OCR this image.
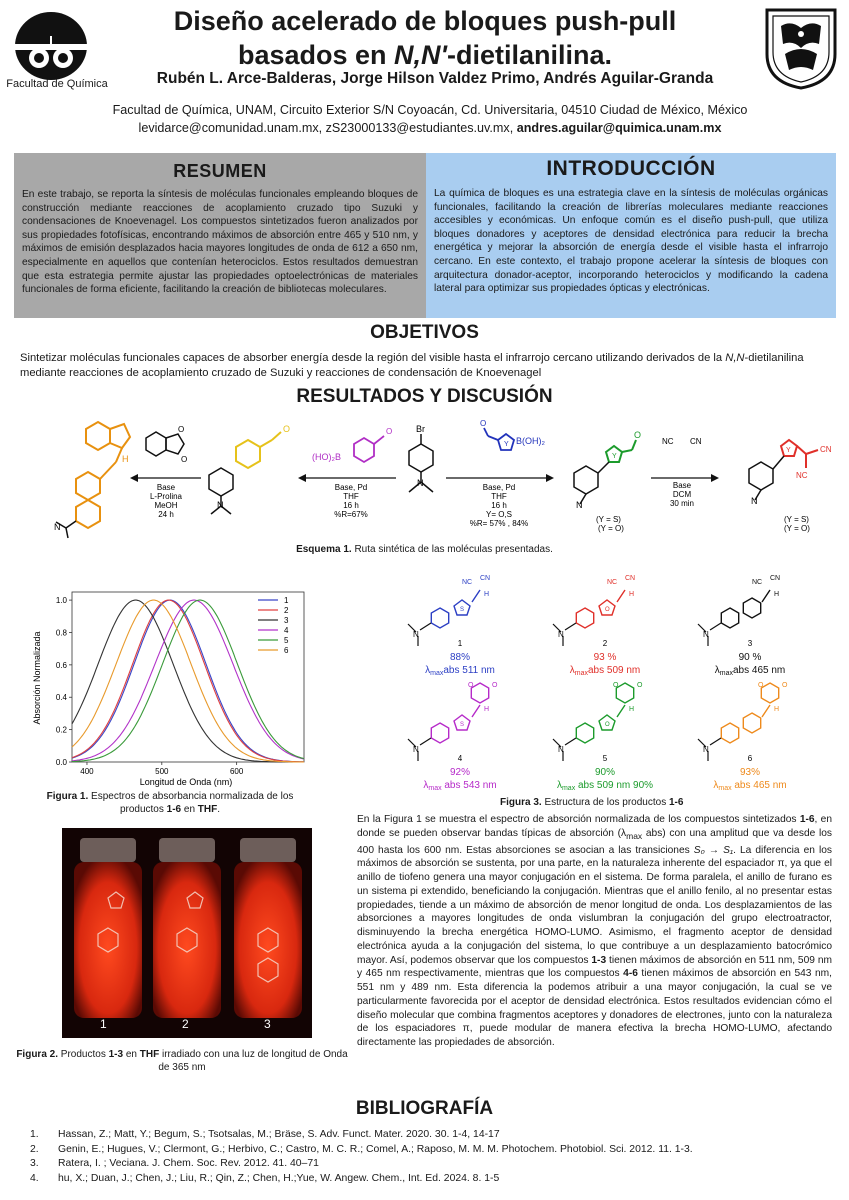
Facultad de Química
Diseño acelerado de bloques push-pull
basados en N,N'-dietilanilina.
Rubén L. Arce-Balderas, Jorge Hilson Valdez Primo, Andrés Aguilar-Granda
Facultad de Química, UNAM, Circuito Exterior S/N Coyoacán, Cd. Universitaria, 04510 Ciudad de México, México
levidarce@comunidad.unam.mx, zS23000133@estudiantes.uv.mx, andres.aguilar@quimica.unam.mx
RESUMEN
En este trabajo, se reporta la síntesis de moléculas funcionales empleando bloques de construcción mediante reacciones de acoplamiento cruzado tipo Suzuki y condensaciones de Knoevenagel. Los compuestos sintetizados fueron analizados por sus propiedades fotofísicas, encontrando máximos de absorción entre 465 y 510 nm, y máximos de emisión desplazados hacia mayores longitudes de onda de 612 a 650 nm, especialmente en aquellos que contenían heterociclos. Estos resultados demuestran que esta estrategia permite ajustar las propiedades optoelectrónicas de materiales funcionales de forma eficiente, facilitando la creación de bibliotecas moleculares.
INTRODUCCIÓN
La química de bloques es una estrategia clave en la síntesis de moléculas orgánicas funcionales, facilitando la creación de librerías moleculares mediante reacciones accesibles y económicas. Un enfoque común es el diseño push-pull, que utiliza bloques donadores y aceptores de densidad electrónica para reducir la brecha energética y mejorar la absorción de energía desde el visible hasta el infrarrojo cercano. En este contexto, el trabajo propone acelerar la síntesis de bloques con arquitectura donador-aceptor, incorporando heterociclos y modificando la cadena lateral para optimizar sus propiedades ópticas y electrónicas.
OBJETIVOS
Sintetizar moléculas funcionales capaces de absorber energía desde la región del visible hasta el infrarrojo cercano utilizando derivados de la N,N-dietilanilina mediante reacciones de acoplamiento cruzado de Suzuki y reacciones de condensación de Knoevenagel
RESULTADOS Y DISCUSIÓN
N
H
O
O
Base
L-Prolina
MeOH
24 h
N
O
(HO)₂B
O
Base, Pd
THF
16 h
%R=67%
Br
N
O
Y B(OH)₂
Base, Pd
THF
16 h
Y= O,S
%R= 57% , 84%
O
Y
N
(Y = S)
(Y = O)
NC CN
Base
DCM
30 min
CN
NC
Y
N
(Y = S)
(Y = O)
Esquema 1. Ruta sintética de las moléculas presentadas.
0.0
0.2
0.4
0.6
0.8
1.0
400	500	600
1
2
3
4
5
6
Longitud de Onda (nm)
Absorción Normalizada
Figura 1. Espectros de absorbancia normalizada de los productos 1-6 en THF.
1	2	3
Figura 2. Productos 1-3 en THF irradiado con una luz de longitud de Onda de 365 nm
N
S
NC
CN
H
1
88%
$\lambda_{max}abs$ 511 nm
N
O
NC
CN
H
2
93 %
$\lambda_{max}abs$ 509 nm
N
NC
CN
H
3
90 %
$\lambda_{max}abs$ 465 nm
N
S
O
O
H
4
92%
$\lambda_{max}$ abs 543 nm
N
O
O
O
H
5
90%
$\lambda_{max}$ abs 509 nm 90%
N
O
O
H
6
93%
$\lambda_{max}$ abs 465 nm
Figura 3. Estructura de los productos 1-6
En la Figura 1 se muestra el espectro de absorción normalizada de los compuestos sintetizados 1-6, en donde se pueden observar bandas típicas de absorción ($\lambda_{max}$ abs) con una amplitud que va desde los 400 hasta los 600 nm. Estas absorciones se asocian a las transiciones S₀ → S₁. La diferencia en los máximos de absorción se sustenta, por una parte, en la naturaleza inherente del espaciador π, ya que el anillo de tiofeno genera una mayor conjugación en el sistema. De forma paralela, el anillo de furano es un sistema pi extendido, beneficiando la conjugación. Mientras que el anillo fenilo, al no presentar estas propiedades, tiende a un máximo de absorción de menor longitud de onda. Los desplazamientos de las absorciones a mayores longitudes de onda vislumbran la conjugación del grupo electroatractor, disminuyendo la brecha energética HOMO-LUMO. Asimismo, el fragmento aceptor de densidad electrónica ayuda a la conjugación del sistema, lo que contribuye a un desplazamiento batocrómico mayor. Así, podemos observar que los compuestos 1-3 tienen máximos de absorción en 511 nm, 509 nm y 465 nm respectivamente, mientras que los compuestos 4-6 tienen máximos de absorción en 543 nm, 551 nm y 489 nm. Esta diferencia la podemos atribuir a una mayor conjugación, la cual se ve particularmente favorecida por el aceptor de densidad electrónica. Estos resultados evidencian cómo el diseño molecular que combina fragmentos aceptores y donadores de electrones, junto con la naturaleza de los espaciadores π, puede modular de manera efectiva la brecha HOMO-LUMO, afectando directamente las propiedades de absorción.
BIBLIOGRAFÍA
1.	Hassan, Z.; Matt, Y.; Begum, S.; Tsotsalas, M.; Bräse, S. Adv. Funct. Mater. 2020. 30. 1-4, 14-17
2.	Genin, E.; Hugues, V.; Clermont, G.; Herbivo, C.; Castro, M. C. R.; Comel, A.; Raposo, M. M. M. Photochem. Photobiol. Sci. 2012. 11. 1-3.
3.	Ratera, I. ; Veciana. J. Chem. Soc. Rev. 2012. 41. 40–71
4.	hu, X.; Duan, J.; Chen, J.; Liu, R.; Qin, Z.; Chen, H.;Yue, W. Angew. Chem., Int. Ed. 2024. 8. 1-5
